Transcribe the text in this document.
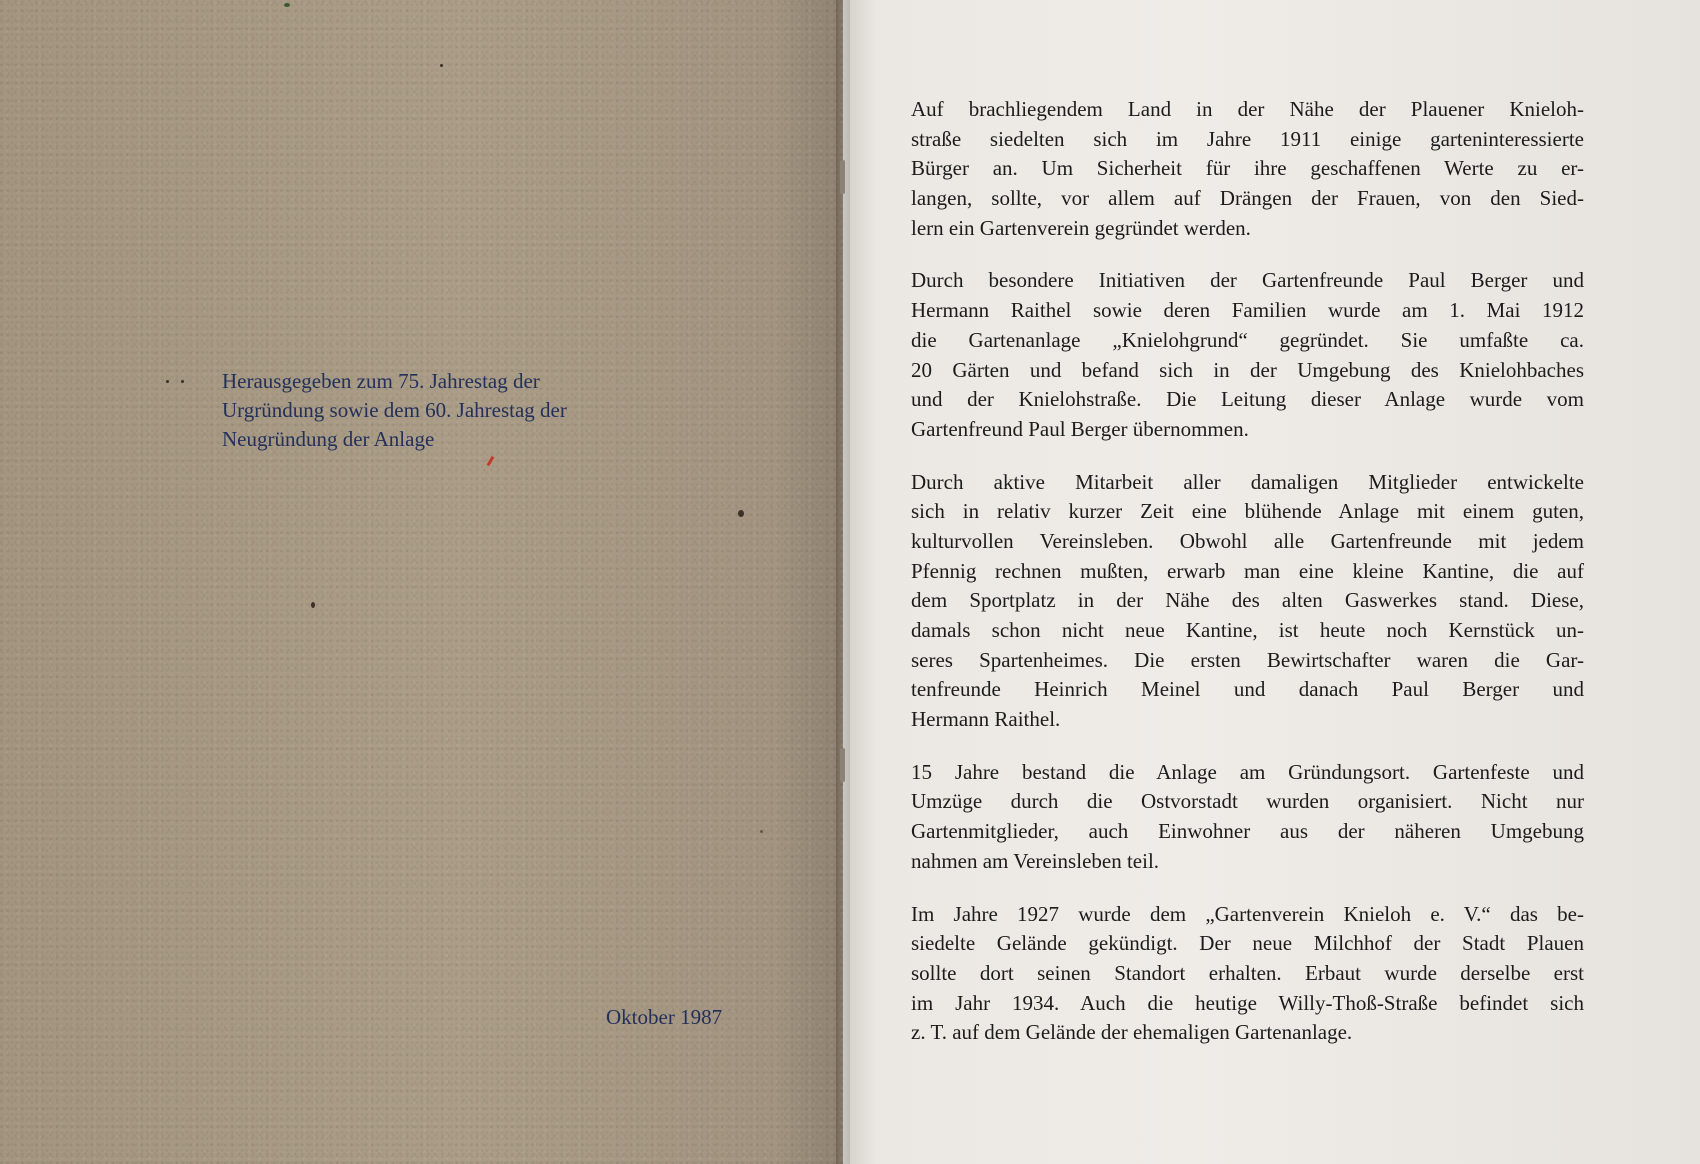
Herausgegeben zum 75. Jahrestag der
Urgründung sowie dem 60. Jahrestag der
Neugründung der Anlage
Oktober 1987
Auf brachliegendem Land in der Nähe der Plauener Knieloh-
straße siedelten sich im Jahre 1911 einige garteninteressierte
Bürger an. Um Sicherheit für ihre geschaffenen Werte zu er-
langen, sollte, vor allem auf Drängen der Frauen, von den Sied-
lern ein Gartenverein gegründet werden.
Durch besondere Initiativen der Gartenfreunde Paul Berger und
Hermann Raithel sowie deren Familien wurde am 1. Mai 1912
die Gartenanlage „Knielohgrund“ gegründet. Sie umfaßte ca.
20 Gärten und befand sich in der Umgebung des Knielohbaches
und der Knielohstraße. Die Leitung dieser Anlage wurde vom
Gartenfreund Paul Berger übernommen.
Durch aktive Mitarbeit aller damaligen Mitglieder entwickelte
sich in relativ kurzer Zeit eine blühende Anlage mit einem guten,
kulturvollen Vereinsleben. Obwohl alle Gartenfreunde mit jedem
Pfennig rechnen mußten, erwarb man eine kleine Kantine, die auf
dem Sportplatz in der Nähe des alten Gaswerkes stand. Diese,
damals schon nicht neue Kantine, ist heute noch Kernstück un-
seres Spartenheimes. Die ersten Bewirtschafter waren die Gar-
tenfreunde Heinrich Meinel und danach Paul Berger und
Hermann Raithel.
15 Jahre bestand die Anlage am Gründungsort. Gartenfeste und
Umzüge durch die Ostvorstadt wurden organisiert. Nicht nur
Gartenmitglieder, auch Einwohner aus der näheren Umgebung
nahmen am Vereinsleben teil.
Im Jahre 1927 wurde dem „Gartenverein Knieloh e. V.“ das be-
siedelte Gelände gekündigt. Der neue Milchhof der Stadt Plauen
sollte dort seinen Standort erhalten. Erbaut wurde derselbe erst
im Jahr 1934. Auch die heutige Willy-Thoß-Straße befindet sich
z. T. auf dem Gelände der ehemaligen Gartenanlage.
